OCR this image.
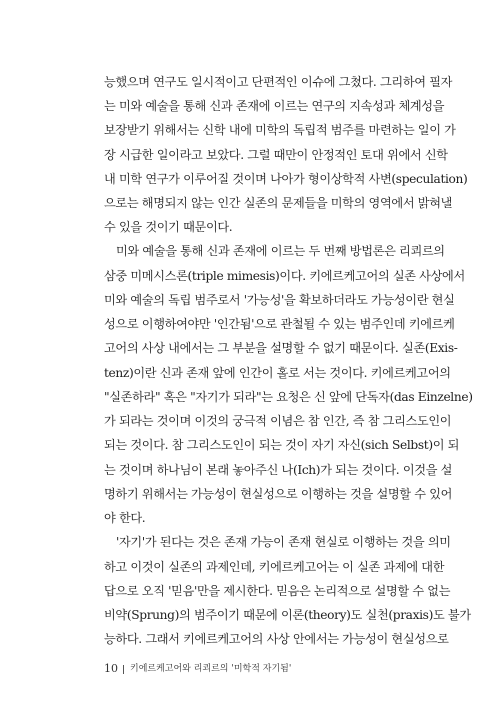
능했으며 연구도 일시적이고 단편적인 이슈에 그쳤다. 그리하여 필자
는 미와 예술을 통해 신과 존재에 이르는 연구의 지속성과 체계성을
보장받기 위해서는 신학 내에 미학의 독립적 범주를 마련하는 일이 가
장 시급한 일이라고 보았다. 그럴 때만이 안정적인 토대 위에서 신학
내 미학 연구가 이루어질 것이며 나아가 형이상학적 사변(speculation)
으로는 해명되지 않는 인간 실존의 문제들을 미학의 영역에서 밝혀낼
수 있을 것이기 때문이다.
미와 예술을 통해 신과 존재에 이르는 두 번째 방법론은 리쾨르의
삼중 미메시스론(triple mimesis)이다. 키에르케고어의 실존 사상에서
미와 예술의 독립 범주로서 '가능성'을 확보하더라도 가능성이란 현실
성으로 이행하여야만 '인간됨'으로 관철될 수 있는 범주인데 키에르케
고어의 사상 내에서는 그 부분을 설명할 수 없기 때문이다. 실존(Exis-
tenz)이란 신과 존재 앞에 인간이 홀로 서는 것이다. 키에르케고어의
"실존하라" 혹은 "자기가 되라"는 요청은 신 앞에 단독자(das Einzelne)
가 되라는 것이며 이것의 궁극적 이념은 참 인간, 즉 참 그리스도인이
되는 것이다. 참 그리스도인이 되는 것이 자기 자신(sich Selbst)이 되
는 것이며 하나님이 본래 놓아주신 나(Ich)가 되는 것이다. 이것을 설
명하기 위해서는 가능성이 현실성으로 이행하는 것을 설명할 수 있어
야 한다.
'자기'가 된다는 것은 존재 가능이 존재 현실로 이행하는 것을 의미
하고 이것이 실존의 과제인데, 키에르케고어는 이 실존 과제에 대한
답으로 오직 '믿음'만을 제시한다. 믿음은 논리적으로 설명할 수 없는
비약(Sprung)의 범주이기 때문에 이론(theory)도 실천(praxis)도 불가
능하다. 그래서 키에르케고어의 사상 안에서는 가능성이 현실성으로
10 키에르케고어와 리쾨르의 '미학적 자기됨'
